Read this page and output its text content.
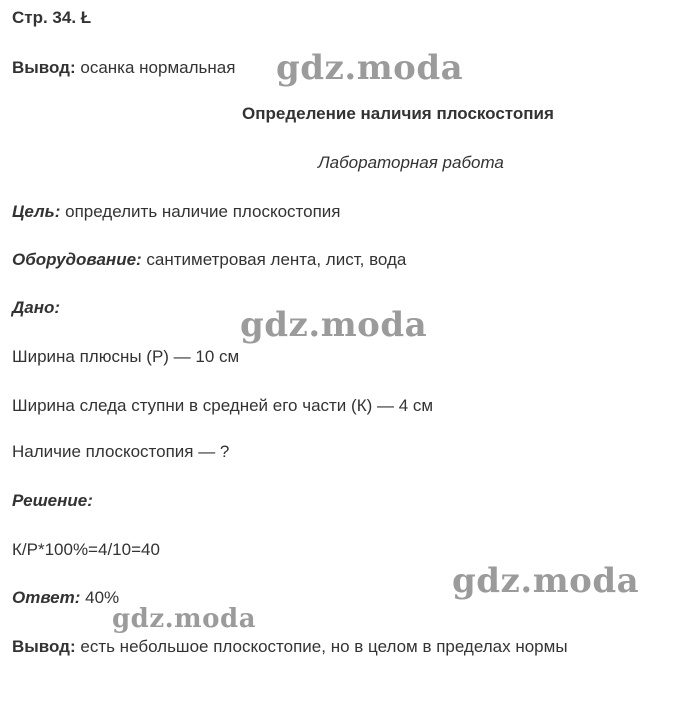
Стр. 34. Ł
Вывод: осанка нормальная
Определение наличия плоскостопия
Лабораторная работа
Цель: определить наличие плоскостопия
Оборудование: сантиметровая лента, лист, вода
Дано:
Ширина плюсны (Р) — 10 см
Ширина следа ступни в средней его части (К) — 4 см
Наличие плоскостопия — ?
Решение:
К/Р*100%=4/10=40
Ответ: 40%
Вывод: есть небольшое плоскостопие, но в целом в пределах нормы
gdz.moda
gdz.moda
gdz.moda
gdz.moda
